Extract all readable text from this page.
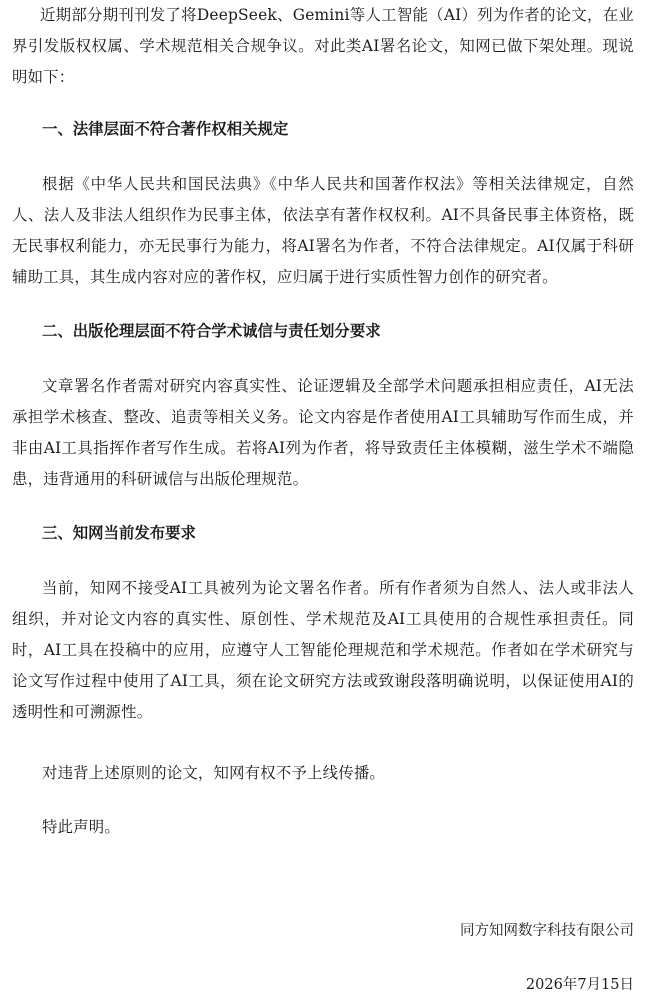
近期部分期刊刊发了将DeepSeek、Gemini等人工智能（AI）列为作者的论文，在业界引发版权权属、学术规范相关合规争议。对此类AI署名论文，知网已做下架处理。现说明如下：

一、法律层面不符合著作权相关规定

根据《中华人民共和国民法典》《中华人民共和国著作权法》等相关法律规定，自然人、法人及非法人组织作为民事主体，依法享有著作权权利。AI不具备民事主体资格，既无民事权利能力，亦无民事行为能力，将AI署名为作者，不符合法律规定。AI仅属于科研辅助工具，其生成内容对应的著作权，应归属于进行实质性智力创作的研究者。

二、出版伦理层面不符合学术诚信与责任划分要求

文章署名作者需对研究内容真实性、论证逻辑及全部学术问题承担相应责任，AI无法承担学术核查、整改、追责等相关义务。论文内容是作者使用AI工具辅助写作而生成，并非由AI工具指挥作者写作生成。若将AI列为作者，将导致责任主体模糊，滋生学术不端隐患，违背通用的科研诚信与出版伦理规范。

三、知网当前发布要求

当前，知网不接受AI工具被列为论文署名作者。所有作者须为自然人、法人或非法人组织，并对论文内容的真实性、原创性、学术规范及AI工具使用的合规性承担责任。同时，AI工具在投稿中的应用，应遵守人工智能伦理规范和学术规范。作者如在学术研究与论文写作过程中使用了AI工具，须在论文研究方法或致谢段落明确说明，以保证使用AI的透明性和可溯源性。

对违背上述原则的论文，知网有权不予上线传播。

特此声明。

同方知网数字科技有限公司

2026年7月15日
